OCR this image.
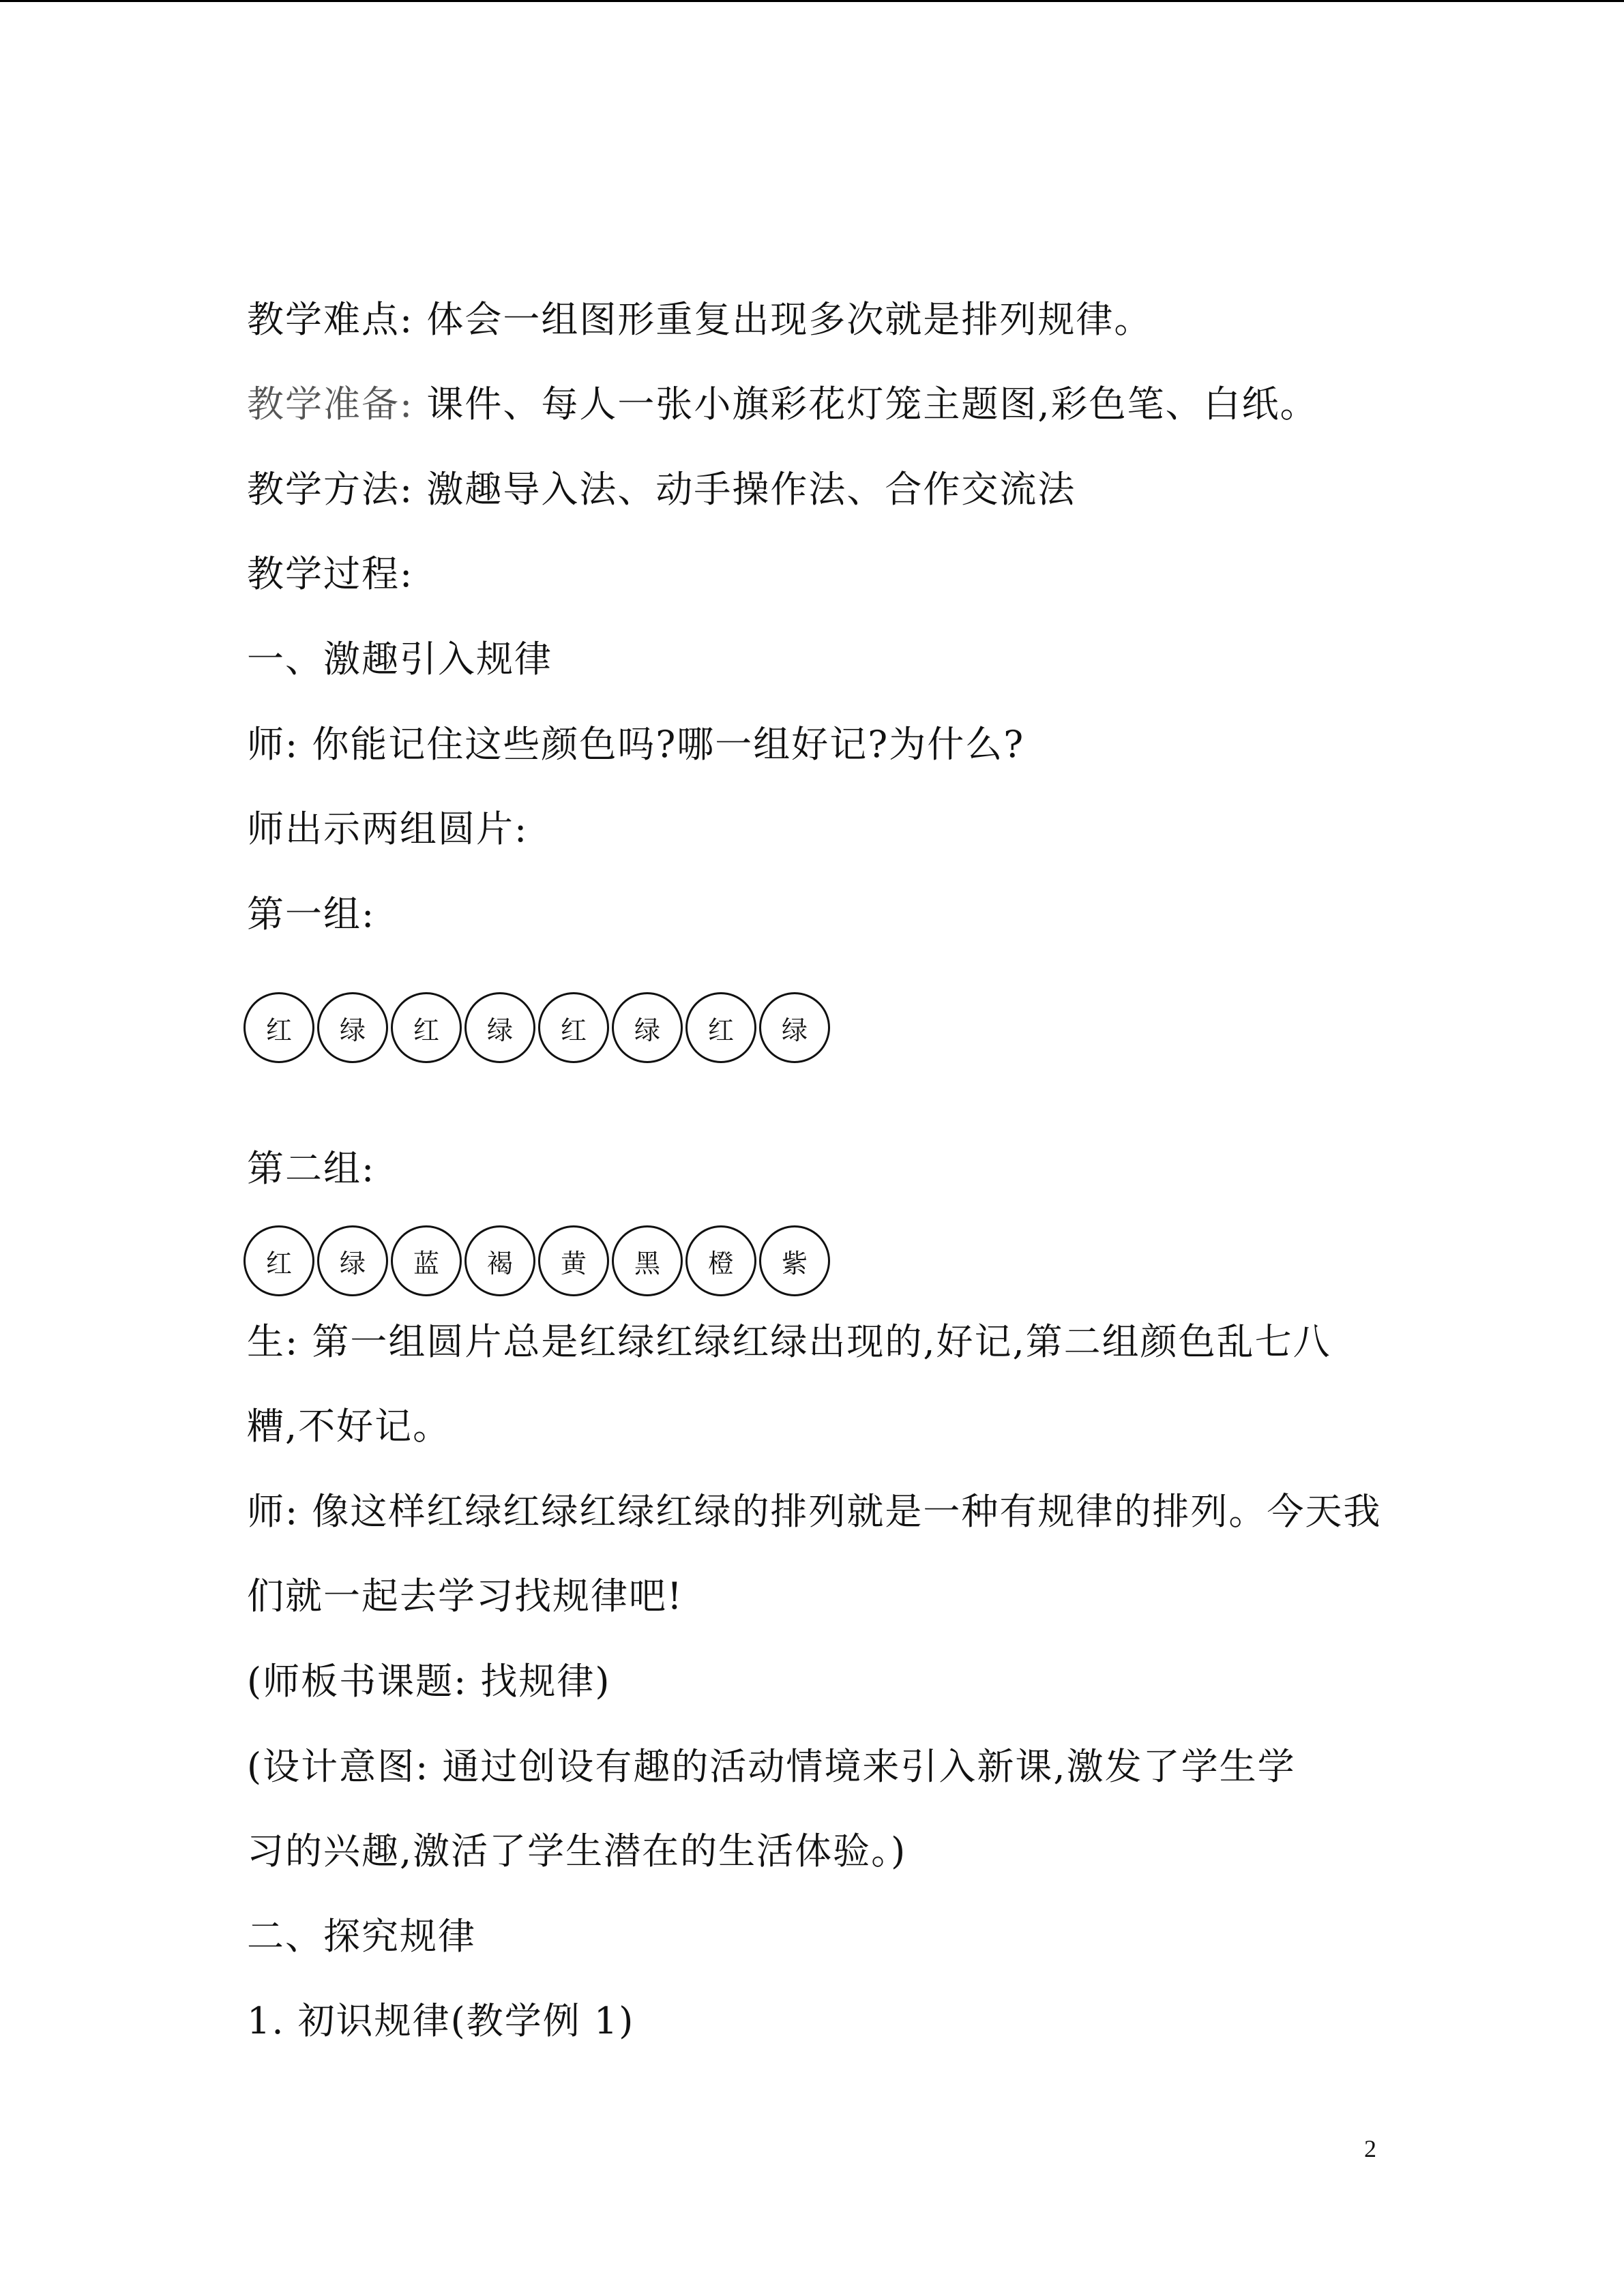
教学难点: 体会一组图形重复出现多次就是排列规律。
教学准备: 课件、每人一张小旗彩花灯笼主题图,彩色笔、白纸。
教学方法: 激趣导入法、动手操作法、合作交流法
教学过程:
一、激趣引入规律
师: 你能记住这些颜色吗?哪一组好记?为什么?
师出示两组圆片:
第一组:
红	绿	红	绿	红	绿	红	绿
第二组:
红	绿	蓝	褐	黄	黑	橙	紫
生: 第一组圆片总是红绿红绿红绿出现的,好记,第二组颜色乱七八
糟,不好记。
师: 像这样红绿红绿红绿红绿的排列就是一种有规律的排列。今天我
们就一起去学习找规律吧!
(师板书课题: 找规律)
(设计意图: 通过创设有趣的活动情境来引入新课,激发了学生学
习的兴趣,激活了学生潜在的生活体验。)
二、探究规律
1. 初识规律(教学例 1)
2
